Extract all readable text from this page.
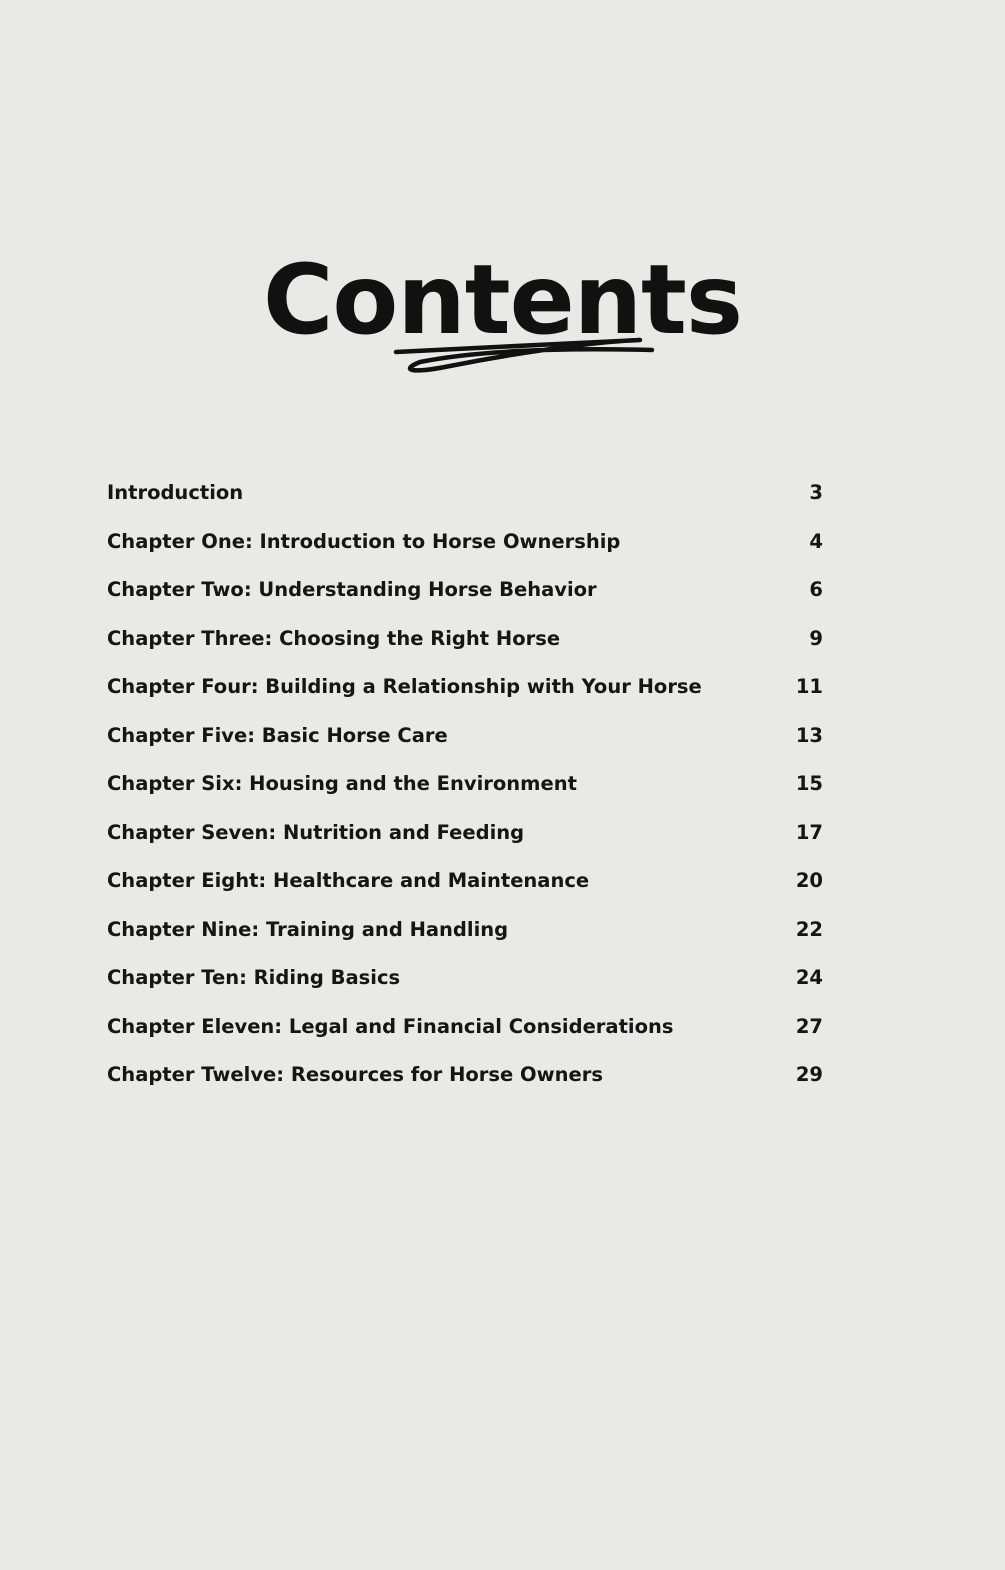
Contents
Introduction	3
Chapter One: Introduction to Horse Ownership	4
Chapter Two: Understanding Horse Behavior	6
Chapter Three: Choosing the Right Horse	9
Chapter Four: Building a Relationship with Your Horse	11
Chapter Five: Basic Horse Care	13
Chapter Six: Housing and the Environment	15
Chapter Seven: Nutrition and Feeding	17
Chapter Eight: Healthcare and Maintenance	20
Chapter Nine: Training and Handling	22
Chapter Ten: Riding Basics	24
Chapter Eleven: Legal and Financial Considerations	27
Chapter Twelve: Resources for Horse Owners	29
